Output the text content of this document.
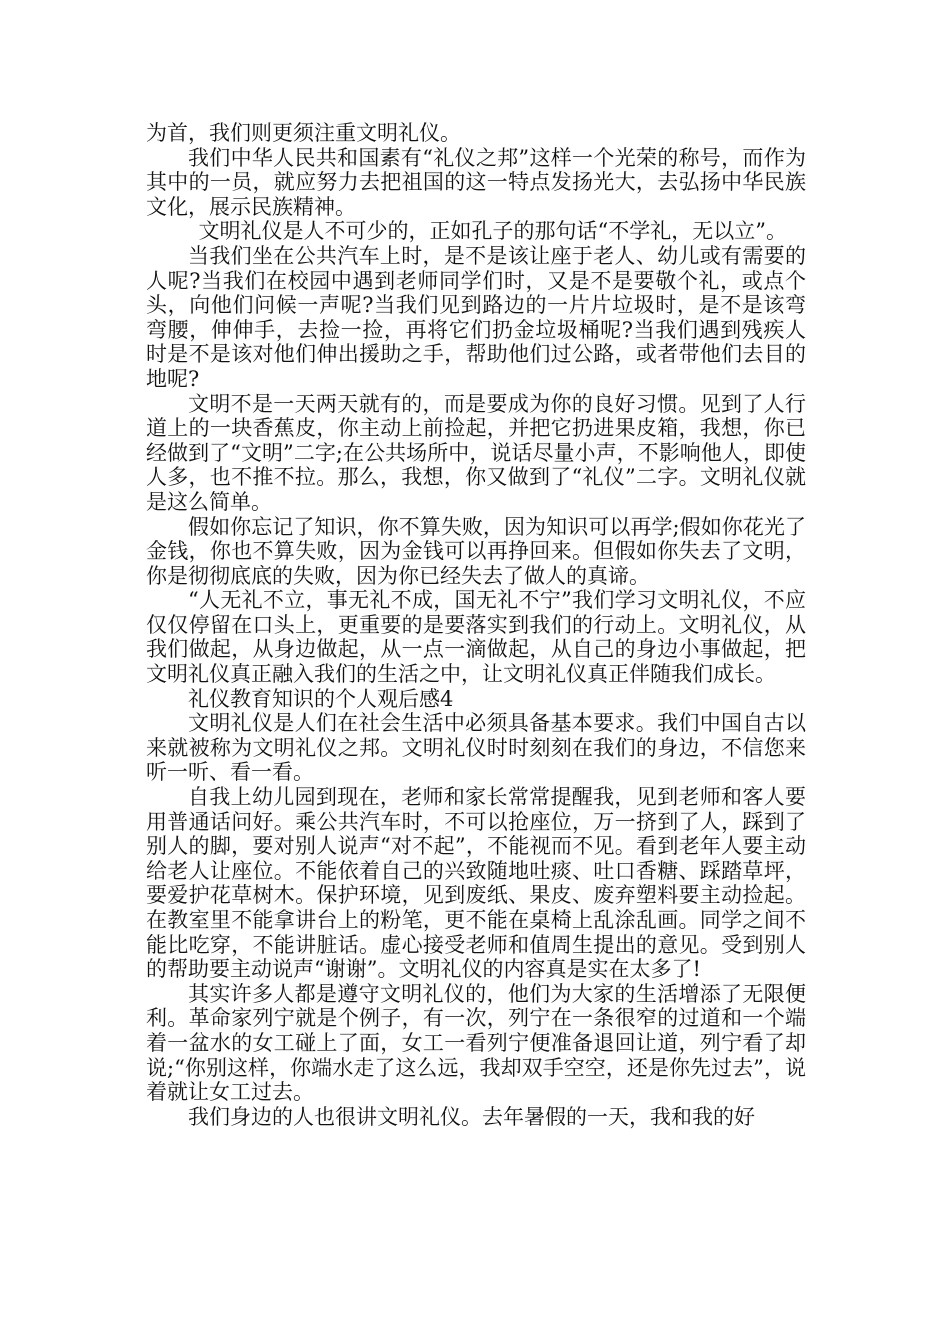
为首，我们则更须注重文明礼仪。

我们中华人民共和国素有“礼仪之邦”这样一个光荣的称号，而作为其中的一员，就应努力去把祖国的这一特点发扬光大，去弘扬中华民族文化，展示民族精神。

文明礼仪是人不可少的，正如孔子的那句话“不学礼，无以立”。

当我们坐在公共汽车上时，是不是该让座于老人、幼儿或有需要的人呢?当我们在校园中遇到老师同学们时，又是不是要敬个礼，或点个头，向他们问候一声呢?当我们见到路边的一片片垃圾时，是不是该弯弯腰，伸伸手，去捡一捡，再将它们扔金垃圾桶呢?当我们遇到残疾人时是不是该对他们伸出援助之手，帮助他们过公路，或者带他们去目的地呢?

文明不是一天两天就有的，而是要成为你的良好习惯。见到了人行道上的一块香蕉皮，你主动上前捡起，并把它扔进果皮箱，我想，你已经做到了“文明”二字;在公共场所中，说话尽量小声，不影响他人，即使人多，也不推不拉。那么，我想，你又做到了“礼仪”二字。文明礼仪就是这么简单。

假如你忘记了知识，你不算失败，因为知识可以再学;假如你花光了金钱，你也不算失败，因为金钱可以再挣回来。但假如你失去了文明，你是彻彻底底的失败，因为你已经失去了做人的真谛。

“人无礼不立，事无礼不成，国无礼不宁”我们学习文明礼仪，不应仅仅停留在口头上，更重要的是要落实到我们的行动上。文明礼仪，从我们做起，从身边做起，从一点一滴做起，从自己的身边小事做起，把文明礼仪真正融入我们的生活之中，让文明礼仪真正伴随我们成长。

礼仪教育知识的个人观后感4

文明礼仪是人们在社会生活中必须具备基本要求。我们中国自古以来就被称为文明礼仪之邦。文明礼仪时时刻刻在我们的身边，不信您来听一听、看一看。

自我上幼儿园到现在，老师和家长常常提醒我，见到老师和客人要用普通话问好。乘公共汽车时，不可以抢座位，万一挤到了人，踩到了别人的脚，要对别人说声“对不起”，不能视而不见。看到老年人要主动给老人让座位。不能依着自己的兴致随地吐痰、吐口香糖、踩踏草坪，要爱护花草树木。保护环境，见到废纸、果皮、废弃塑料要主动捡起。在教室里不能拿讲台上的粉笔，更不能在桌椅上乱涂乱画。同学之间不能比吃穿，不能讲脏话。虚心接受老师和值周生提出的意见。受到别人的帮助要主动说声“谢谢”。文明礼仪的内容真是实在太多了!

其实许多人都是遵守文明礼仪的，他们为大家的生活增添了无限便利。革命家列宁就是个例子，有一次，列宁在一条很窄的过道和一个端着一盆水的女工碰上了面，女工一看列宁便准备退回让道，列宁看了却说;“你别这样，你端水走了这么远，我却双手空空，还是你先过去”，说着就让女工过去。

我们身边的人也很讲文明礼仪。去年暑假的一天，我和我的好
